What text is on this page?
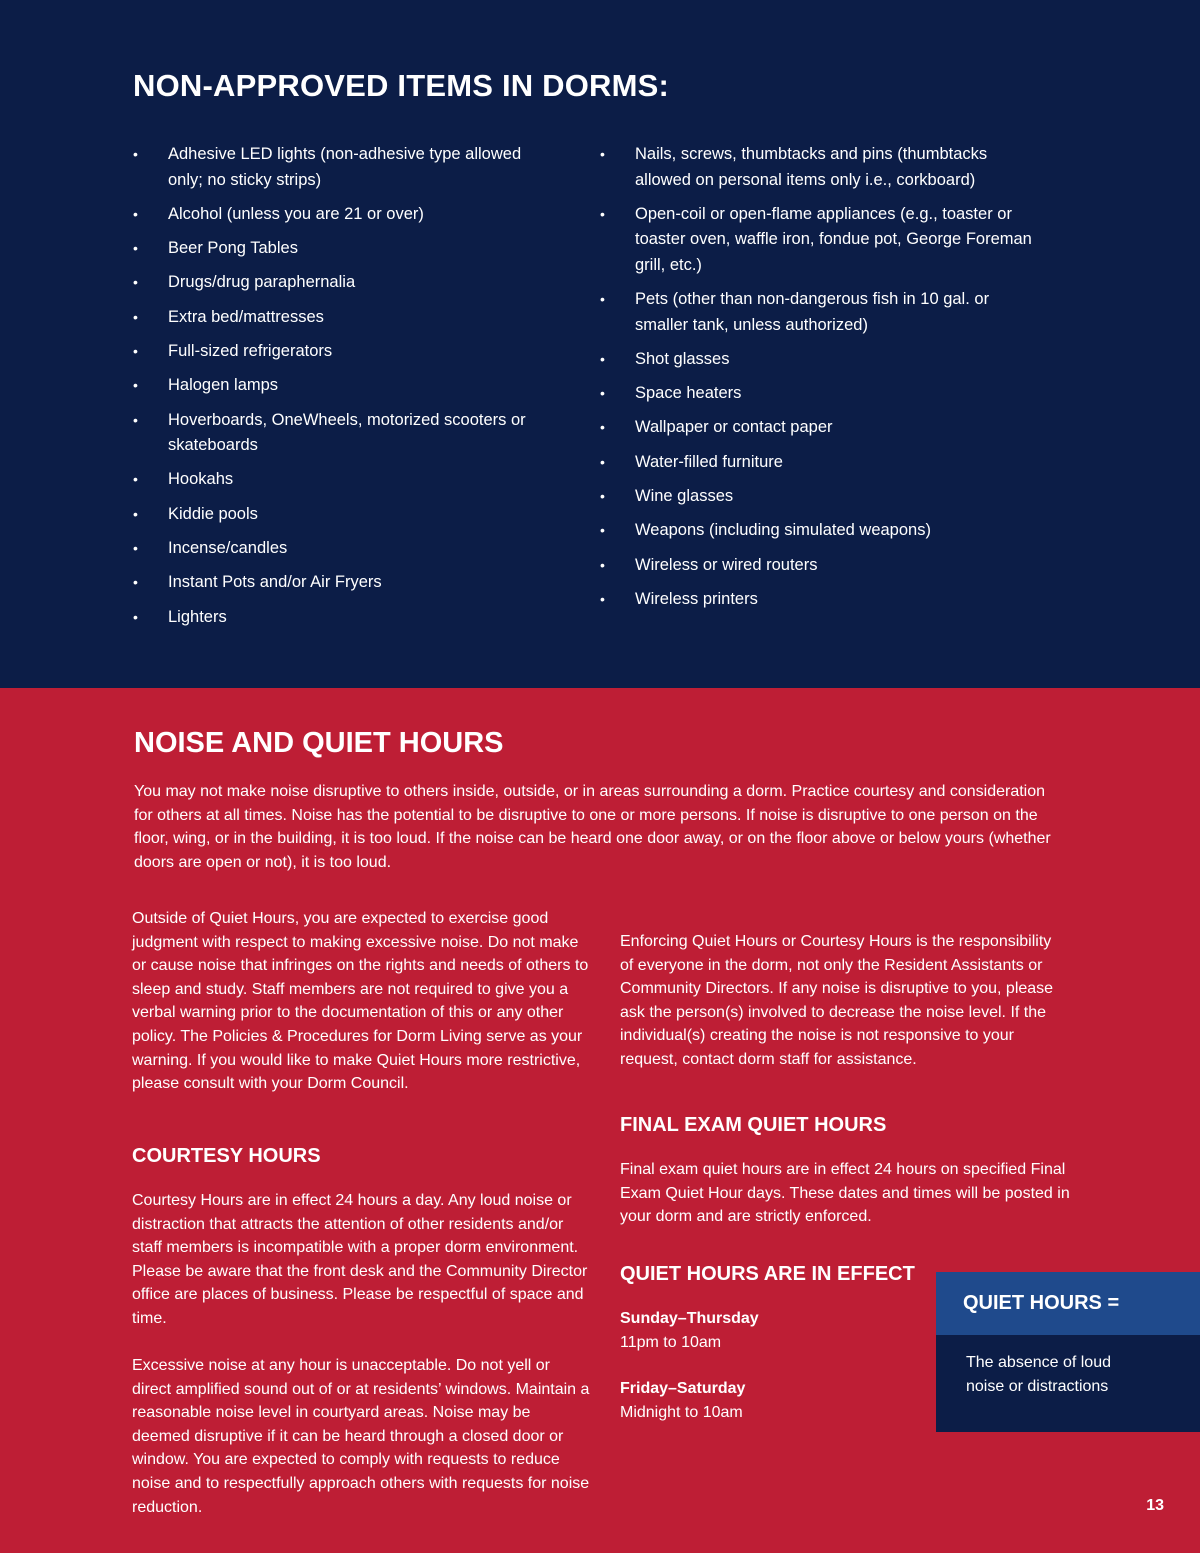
NON-APPROVED ITEMS IN DORMS:
• Adhesive LED lights (non-adhesive type allowed only; no sticky strips)
• Alcohol (unless you are 21 or over)
• Beer Pong Tables
• Drugs/drug paraphernalia
• Extra bed/mattresses
• Full-sized refrigerators
• Halogen lamps
• Hoverboards, OneWheels, motorized scooters or skateboards
• Hookahs
• Kiddie pools
• Incense/candles
• Instant Pots and/or Air Fryers
• Lighters
• Nails, screws, thumbtacks and pins (thumbtacks allowed on personal items only i.e., corkboard)
• Open-coil or open-flame appliances (e.g., toaster or toaster oven, waffle iron, fondue pot, George Foreman grill, etc.)
• Pets (other than non-dangerous fish in 10 gal. or smaller tank, unless authorized)
• Shot glasses
• Space heaters
• Wallpaper or contact paper
• Water-filled furniture
• Wine glasses
• Weapons (including simulated weapons)
• Wireless or wired routers
• Wireless printers
NOISE AND QUIET HOURS

You may not make noise disruptive to others inside, outside, or in areas surrounding a dorm. Practice courtesy and consideration for others at all times. Noise has the potential to be disruptive to one or more persons. If noise is disruptive to one person on the floor, wing, or in the building, it is too loud. If the noise can be heard one door away, or on the floor above or below yours (whether doors are open or not), it is too loud.

Outside of Quiet Hours, you are expected to exercise good judgment with respect to making excessive noise. Do not make or cause noise that infringes on the rights and needs of others to sleep and study. Staff members are not required to give you a verbal warning prior to the documentation of this or any other policy. The Policies & Procedures for Dorm Living serve as your warning. If you would like to make Quiet Hours more restrictive, please consult with your Dorm Council.

COURTESY HOURS

Courtesy Hours are in effect 24 hours a day. Any loud noise or distraction that attracts the attention of other residents and/or staff members is incompatible with a proper dorm environment. Please be aware that the front desk and the Community Director office are places of business. Please be respectful of space and time.

Excessive noise at any hour is unacceptable. Do not yell or direct amplified sound out of or at residents’ windows. Maintain a reasonable noise level in courtyard areas. Noise may be deemed disruptive if it can be heard through a closed door or window. You are expected to comply with requests to reduce noise and to respectfully approach others with requests for noise reduction.

Enforcing Quiet Hours or Courtesy Hours is the responsibility of everyone in the dorm, not only the Resident Assistants or Community Directors. If any noise is disruptive to you, please ask the person(s) involved to decrease the noise level. If the individual(s) creating the noise is not responsive to your request, contact dorm staff for assistance.

FINAL EXAM QUIET HOURS

Final exam quiet hours are in effect 24 hours on specified Final Exam Quiet Hour days. These dates and times will be posted in your dorm and are strictly enforced.

QUIET HOURS ARE IN EFFECT
Sunday–Thursday
11pm to 10am
Friday–Saturday
Midnight to 10am
QUIET HOURS =
The absence of loud noise or distractions
13
